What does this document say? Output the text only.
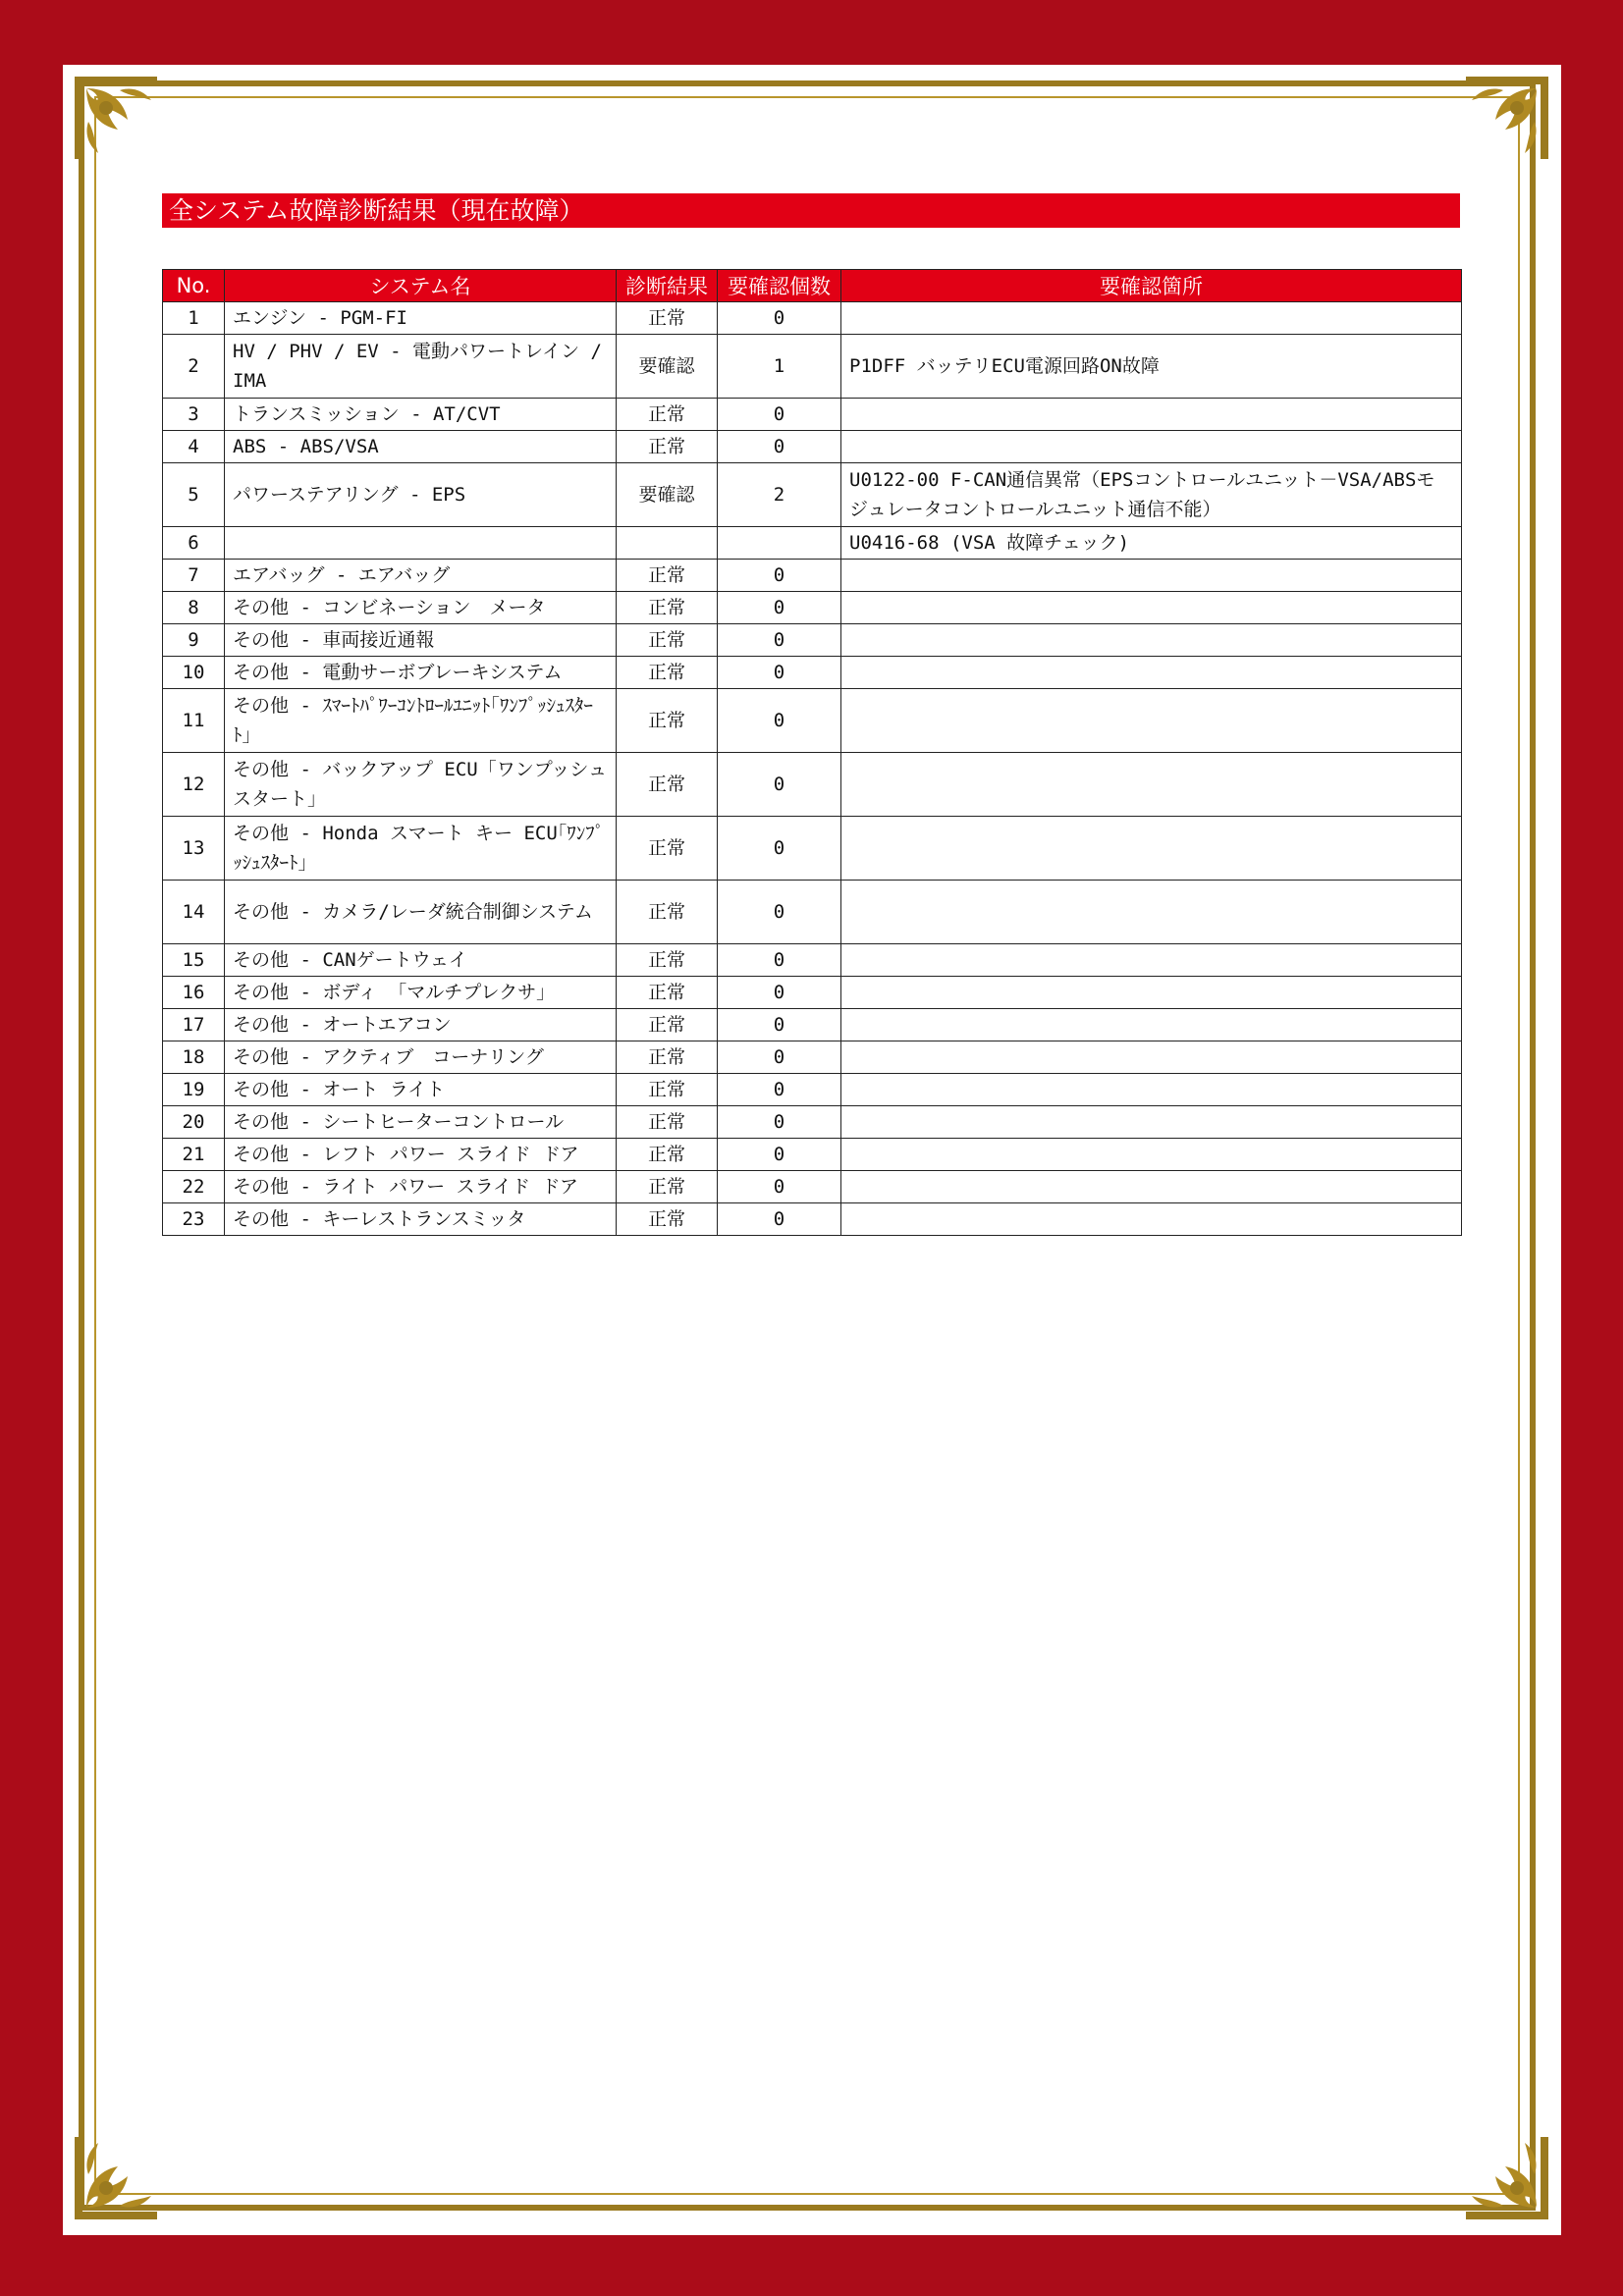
全システム故障診断結果（現在故障）
No.	システム名	診断結果	要確認個数	要確認箇所
1	エンジン - PGM-FI	正常	0	
2	HV / PHV / EV - 電動パワートレイン /IMA	要確認	1	P1DFF バッテリECU電源回路ON故障
3	トランスミッション - AT/CVT	正常	0	
4	ABS - ABS/VSA	正常	0	
5	パワーステアリング - EPS	要確認	2	U0122-00 F-CAN通信異常（EPSコントロールユニット－VSA/ABSモジュレータコントロールユニット通信不能）
6				U0416-68 (VSA 故障チェック)
7	エアバッグ - エアバッグ	正常	0	
8	その他 - コンビネーション　メータ	正常	0	
9	その他 - 車両接近通報	正常	0	
10	その他 - 電動サーボブレーキシステム	正常	0	
11	その他 - ｽﾏｰﾄﾊﾟﾜｰｺﾝﾄﾛｰﾙﾕﾆｯﾄ｢ﾜﾝﾌﾟｯｼｭｽﾀｰﾄ｣	正常	0	
12	その他 - バックアップ ECU「ワンプッシュスタート」	正常	0	
13	その他 - Honda スマート キー ECU｢ﾜﾝﾌﾟｯｼｭｽﾀｰﾄ｣	正常	0	
14	その他 - カメラ/レーダ統合制御システム	正常	0	
15	その他 - CANゲートウェイ	正常	0	
16	その他 - ボディ 「マルチプレクサ」	正常	0	
17	その他 - オートエアコン	正常	0	
18	その他 - アクティブ　コーナリング	正常	0	
19	その他 - オート ライト	正常	0	
20	その他 - シートヒーターコントロール	正常	0	
21	その他 - レフト パワー スライド ドア	正常	0	
22	その他 - ライト パワー スライド ドア	正常	0	
23	その他 - キーレストランスミッタ	正常	0	
